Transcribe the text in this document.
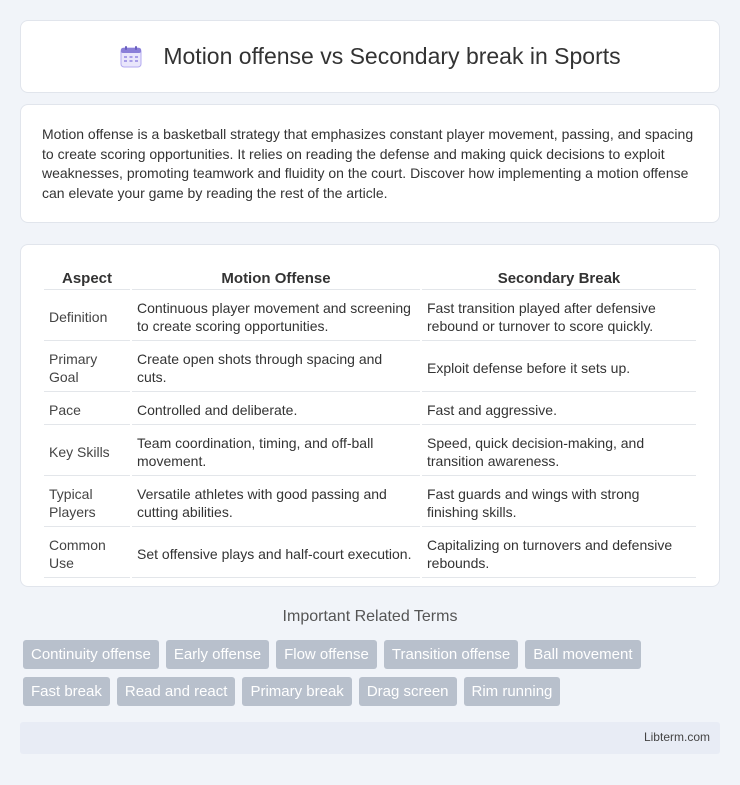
Motion offense vs Secondary break in Sports

Motion offense is a basketball strategy that emphasizes constant player movement, passing, and spacing to create scoring opportunities. It relies on reading the defense and making quick decisions to exploit weaknesses, promoting teamwork and fluidity on the court. Discover how implementing a motion offense can elevate your game by reading the rest of the article.

Aspect	Motion Offense	Secondary Break
Definition	Continuous player movement and screening to create scoring opportunities.	Fast transition played after defensive rebound or turnover to score quickly.
Primary Goal	Create open shots through spacing and cuts.	Exploit defense before it sets up.
Pace	Controlled and deliberate.	Fast and aggressive.
Key Skills	Team coordination, timing, and off-ball movement.	Speed, quick decision-making, and transition awareness.
Typical Players	Versatile athletes with good passing and cutting abilities.	Fast guards and wings with strong finishing skills.
Common Use	Set offensive plays and half-court execution.	Capitalizing on turnovers and defensive rebounds.
Important Related Terms
Continuity offense	Early offense	Flow offense	Transition offense	Ball movement
Fast break	Read and react	Primary break	Drag screen	Rim running
Libterm.com
